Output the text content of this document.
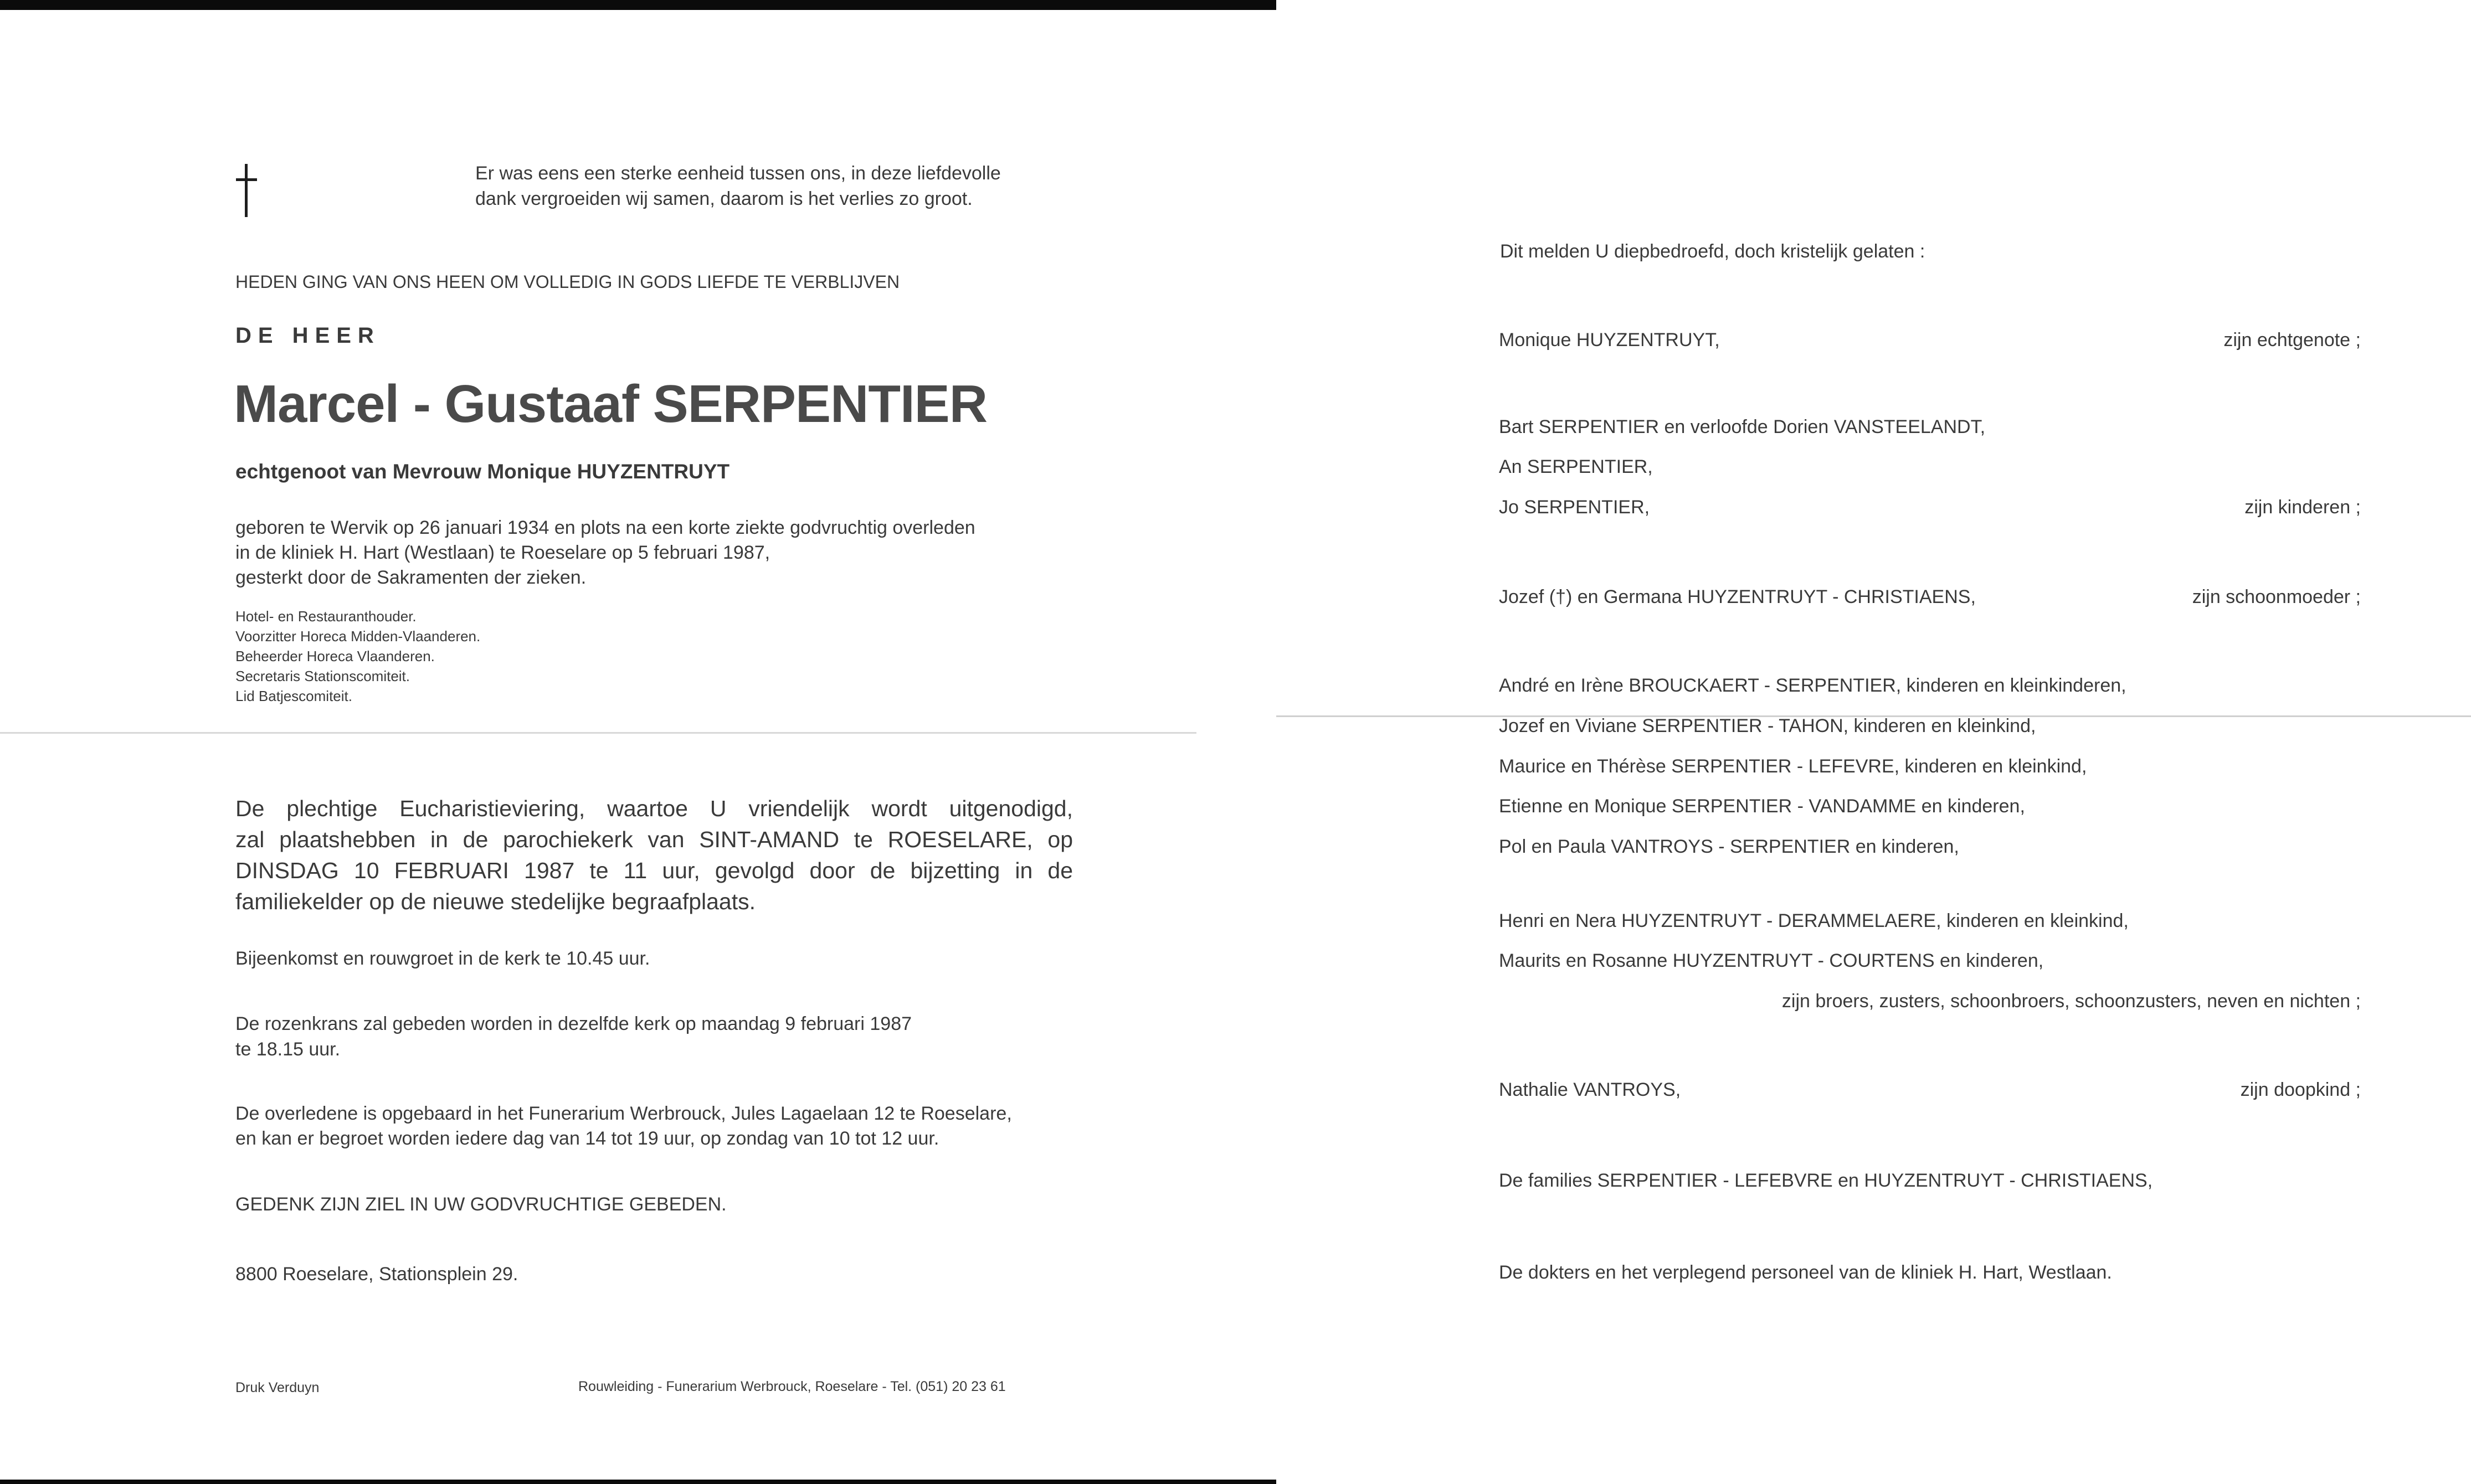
Er was eens een sterke eenheid tussen ons, in deze liefdevolle
dank vergroeiden wij samen, daarom is het verlies zo groot.
HEDEN GING VAN ONS HEEN OM VOLLEDIG IN GODS LIEFDE TE VERBLIJVEN
DE HEER
Marcel - Gustaaf SERPENTIER
echtgenoot van Mevrouw Monique HUYZENTRUYT
geboren te Wervik op 26 januari 1934 en plots na een korte ziekte godvruchtig overleden
in de kliniek H. Hart (Westlaan) te Roeselare op 5 februari 1987,
gesterkt door de Sakramenten der zieken.
Hotel- en Restauranthouder.
Voorzitter Horeca Midden-Vlaanderen.
Beheerder Horeca Vlaanderen.
Secretaris Stationscomiteit.
Lid Batjescomiteit.
De plechtige Eucharistieviering, waartoe U vriendelijk wordt uitgenodigd,
zal plaatshebben in de parochiekerk van SINT-AMAND te ROESELARE, op
DINSDAG 10 FEBRUARI 1987 te 11 uur, gevolgd door de bijzetting in de
familiekelder op de nieuwe stedelijke begraafplaats.
Bijeenkomst en rouwgroet in de kerk te 10.45 uur.
De rozenkrans zal gebeden worden in dezelfde kerk op maandag 9 februari 1987
te 18.15 uur.
De overledene is opgebaard in het Funerarium Werbrouck, Jules Lagaelaan 12 te Roeselare,
en kan er begroet worden iedere dag van 14 tot 19 uur, op zondag van 10 tot 12 uur.
GEDENK ZIJN ZIEL IN UW GODVRUCHTIGE GEBEDEN.
8800 Roeselare, Stationsplein 29.
Druk Verduyn	Rouwleiding - Funerarium Werbrouck, Roeselare - Tel. (051) 20 23 61
Dit melden U diepbedroefd, doch kristelijk gelaten :
Monique HUYZENTRUYT,	zijn echtgenote ;
Bart SERPENTIER en verloofde Dorien VANSTEELANDT,
An SERPENTIER,
Jo SERPENTIER,	zijn kinderen ;
Jozef (†) en Germana HUYZENTRUYT - CHRISTIAENS,	zijn schoonmoeder ;
André en Irène BROUCKAERT - SERPENTIER, kinderen en kleinkinderen,
Jozef en Viviane SERPENTIER - TAHON, kinderen en kleinkind,
Maurice en Thérèse SERPENTIER - LEFEVRE, kinderen en kleinkind,
Etienne en Monique SERPENTIER - VANDAMME en kinderen,
Pol en Paula VANTROYS - SERPENTIER en kinderen,
Henri en Nera HUYZENTRUYT - DERAMMELAERE, kinderen en kleinkind,
Maurits en Rosanne HUYZENTRUYT - COURTENS en kinderen,
zijn broers, zusters, schoonbroers, schoonzusters, neven en nichten ;
Nathalie VANTROYS,	zijn doopkind ;
De families SERPENTIER - LEFEBVRE en HUYZENTRUYT - CHRISTIAENS,
De dokters en het verplegend personeel van de kliniek H. Hart, Westlaan.
